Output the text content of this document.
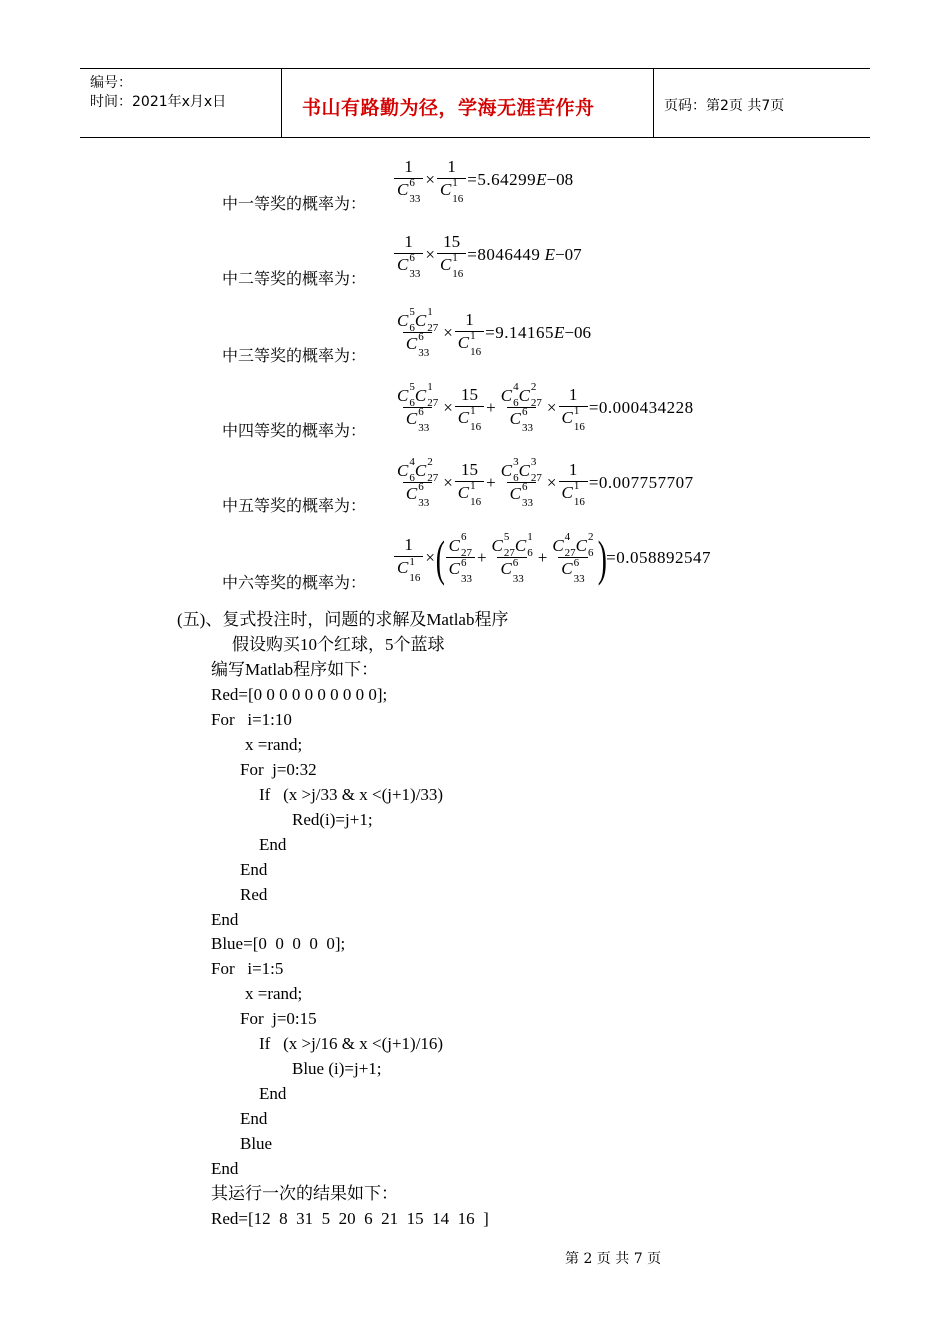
编号：
时间：2021年x月x日	书山有路勤为径，学海无涯苦作舟	页码：第2页 共7页
中一等奖的概率为：
中二等奖的概率为：
中三等奖的概率为：
中四等奖的概率为：
中五等奖的概率为：
中六等奖的概率为：
1
C 6
33 × 1
C 1
16 =5.64299 E −08
1
C 6
33 × 15
C 1
16 =8046449 E −07
C 5
6 C 1
27
C 6
33 × 1
C 1
16 =9.14165 E −06
C 5
6 C 1
27
C 6
33 × 15
C 1
16 + C 4
6 C 2
27
C 6
33 × 1
C 1
16 =0.000434228
C 4
6 C 2
27
C 6
33 × 15
C 1
16 + C 3
6 C 3
27
C 6
33 × 1
C 1
16 =0.007757707
1
C 1
16 × ( C 6
27
C 6
33 + C 5
27 C 1
6
C 6
33 + C 4
27 C 2
6
C 6
33 ) =0.058892547
(五)、复式投注时，问题的求解及Matlab程序
假设购买10个红球，5个蓝球
编写Matlab程序如下：
Red=[0 0 0 0 0 0 0 0 0 0];
For   i=1:10
x =rand;
For  j=0:32
If   (x >j/33 & x <(j+1)/33)
Red(i)=j+1;
End
End
Red
End
Blue=[0  0  0  0  0];
For   i=1:5
x =rand;
For  j=0:15
If   (x >j/16 & x <(j+1)/16)
Blue (i)=j+1;
End
End
Blue
End
其运行一次的结果如下：
Red=[12  8  31  5  20  6  21  15  14  16  ]
第 2 页 共 7 页
